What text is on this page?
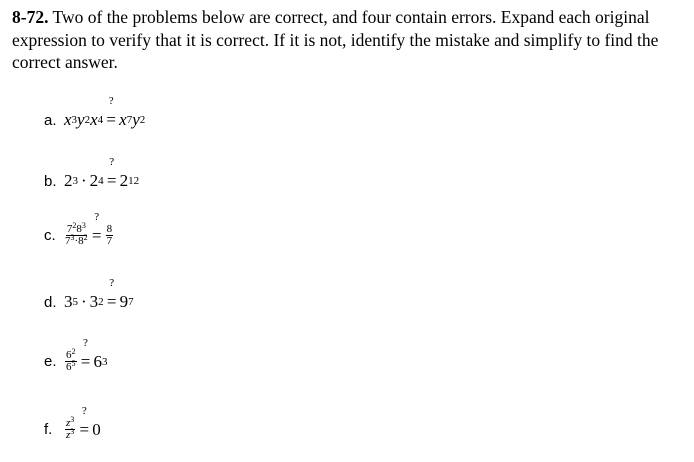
8-72. Two of the problems below are correct, and four contain errors. Expand each original expression to verify that it is correct. If it is not, identify the mistake and simplify to find the correct answer.
a. x 3 y 2 x 4
?
= x 7 y 2
b. 2 3 · 2 4
?
= 2 12
c. $\frac{7^28^3}{7^3\cdot 8^2}$
?
= $\frac{8}{7}$
d. 3 5 · 3 2
?
= 9 7
e. $\frac{6^2}{6^5}$
?
= 6 3
f.	$\frac{z^3}{z^3}$
?
= 0
